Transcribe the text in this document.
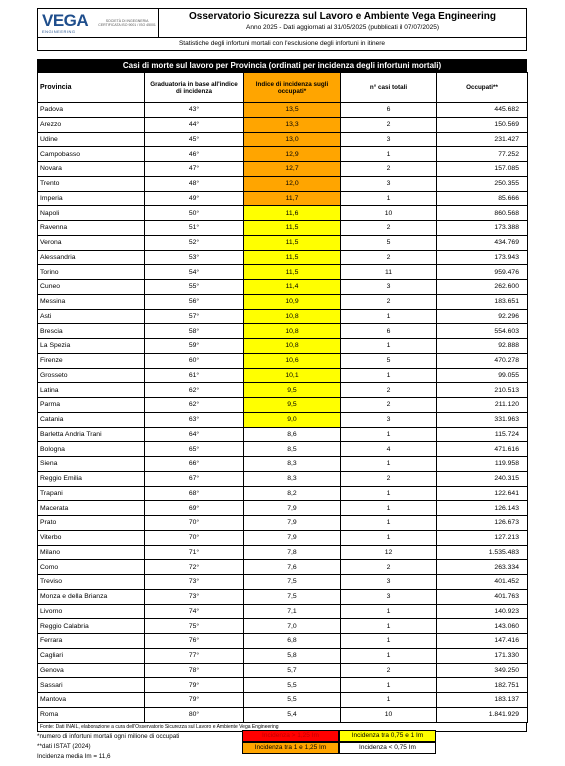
VEGA
ENGINEERING
SOCIETÀ DI INGEGNERIA CERTIFICATA ISO 9001 / ISO 45001
Osservatorio Sicurezza sul Lavoro e Ambiente Vega Engineering
Anno 2025 - Dati aggiornati al 31/05/2025 (pubblicati il 07/07/2025)
Statistiche degli infortuni mortali con l'esclusione degli infortuni in itinere
Casi di morte sul lavoro per Provincia (ordinati per incidenza degli infortuni mortali)
Provincia	Graduatoria in base all'indice di incidenza	Indice di incidenza sugli occupati*	n° casi totali	Occupati**
Padova	43°	13,5	6	445.682
Arezzo	44°	13,3	2	150.569
Udine	45°	13,0	3	231.427
Campobasso	46°	12,9	1	77.252
Novara	47°	12,7	2	157.085
Trento	48°	12,0	3	250.355
Imperia	49°	11,7	1	85.666
Napoli	50°	11,6	10	860.568
Ravenna	51°	11,5	2	173.388
Verona	52°	11,5	5	434.769
Alessandria	53°	11,5	2	173.943
Torino	54°	11,5	11	959.476
Cuneo	55°	11,4	3	262.600
Messina	56°	10,9	2	183.651
Asti	57°	10,8	1	92.296
Brescia	58°	10,8	6	554.603
La Spezia	59°	10,8	1	92.888
Firenze	60°	10,6	5	470.278
Grosseto	61°	10,1	1	99.055
Latina	62°	9,5	2	210.513
Parma	62°	9,5	2	211.120
Catania	63°	9,0	3	331.963
Barletta Andria Trani	64°	8,6	1	115.724
Bologna	65°	8,5	4	471.616
Siena	66°	8,3	1	119.958
Reggio Emilia	67°	8,3	2	240.315
Trapani	68°	8,2	1	122.641
Macerata	69°	7,9	1	126.143
Prato	70°	7,9	1	126.673
Viterbo	70°	7,9	1	127.213
Milano	71°	7,8	12	1.535.483
Como	72°	7,6	2	263.334
Treviso	73°	7,5	3	401.452
Monza e della Brianza	73°	7,5	3	401.763
Livorno	74°	7,1	1	140.923
Reggio Calabria	75°	7,0	1	143.060
Ferrara	76°	6,8	1	147.416
Cagliari	77°	5,8	1	171.330
Genova	78°	5,7	2	349.250
Sassari	79°	5,5	1	182.751
Mantova	79°	5,5	1	183.137
Roma	80°	5,4	10	1.841.929
Fonte: Dati INAIL, elaborazione a cura dell'Osservatorio Sicurezza sul Lavoro e Ambiente Vega Engineering
*numero di infortuni mortali ogni milione di occupati
**dati ISTAT (2024)
Incidenza media Im = 11,6
Incidenza > 1,25 Im	Incidenza tra 0,75 e 1 Im
Incidenza tra 1 e 1,25 Im	Incidenza < 0,75 Im
